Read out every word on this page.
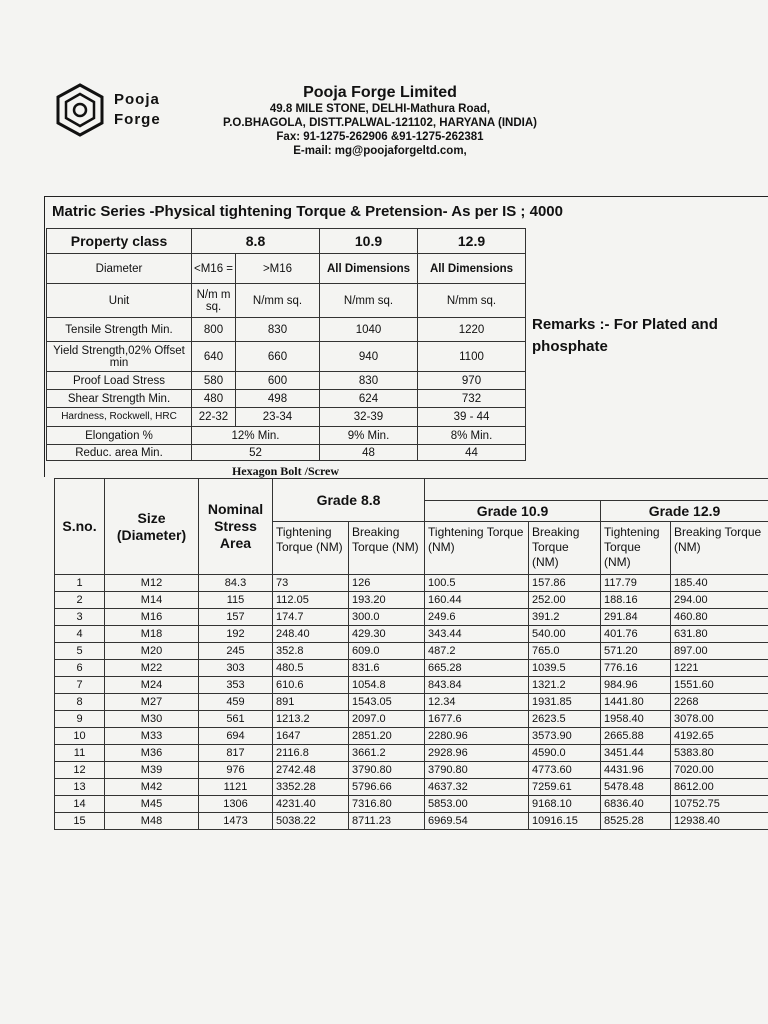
Pooja
Forge
Pooja Forge Limited
49.8 MILE STONE, DELHI-Mathura Road,
P.O.BHAGOLA, DISTT.PALWAL-121102, HARYANA (INDIA)
Fax: 91-1275-262906 &91-1275-262381
E-mail: mg@poojaforgeltd.com,
Matric Series -Physical tightening Torque & Pretension- As per IS ; 4000
Property class	8.8		10.9	12.9
Diameter	<M16 =	>M16	All Dimensions	All Dimensions
Unit	N/m m sq.	N/mm sq.	N/mm sq.	N/mm sq.
Tensile Strength Min.	800	830	1040	1220
Yield Strength,02% Offset min	640	660	940	1100
Proof Load Stress	580	600	830	970
Shear Strength Min.	480	498	624	732
Hardness, Rockwell, HRC	22-32	23-34	32-39	39 - 44
Elongation %	12% Min.		9% Min.	8% Min.
Reduc. area Min.	52		48	44
Remarks :- For Plated and phosphate
Hexagon Bolt /Screw
S.no.	Size (Diameter)	Nominal Stress Area	Grade 8.8					
					Grade 10.9		Grade 12.9	
			Tightening Torque (NM)	Breaking Torque (NM)	Tightening Torque (NM)	Breaking Torque (NM)	Tightening Torque (NM)	Breaking Torque (NM)
1	M12	84.3	73	126	100.5	157.86	117.79	185.40
2	M14	115	112.05	193.20	160.44	252.00	188.16	294.00
3	M16	157	174.7	300.0	249.6	391.2	291.84	460.80
4	M18	192	248.40	429.30	343.44	540.00	401.76	631.80
5	M20	245	352.8	609.0	487.2	765.0	571.20	897.00
6	M22	303	480.5	831.6	665.28	1039.5	776.16	1221
7	M24	353	610.6	1054.8	843.84	1321.2	984.96	1551.60
8	M27	459	891	1543.05	12.34	1931.85	1441.80	2268
9	M30	561	1213.2	2097.0	1677.6	2623.5	1958.40	3078.00
10	M33	694	1647	2851.20	2280.96	3573.90	2665.88	4192.65
11	M36	817	2116.8	3661.2	2928.96	4590.0	3451.44	5383.80
12	M39	976	2742.48	3790.80	3790.80	4773.60	4431.96	7020.00
13	M42	1121	3352.28	5796.66	4637.32	7259.61	5478.48	8612.00
14	M45	1306	4231.40	7316.80	5853.00	9168.10	6836.40	10752.75
15	M48	1473	5038.22	8711.23	6969.54	10916.15	8525.28	12938.40
